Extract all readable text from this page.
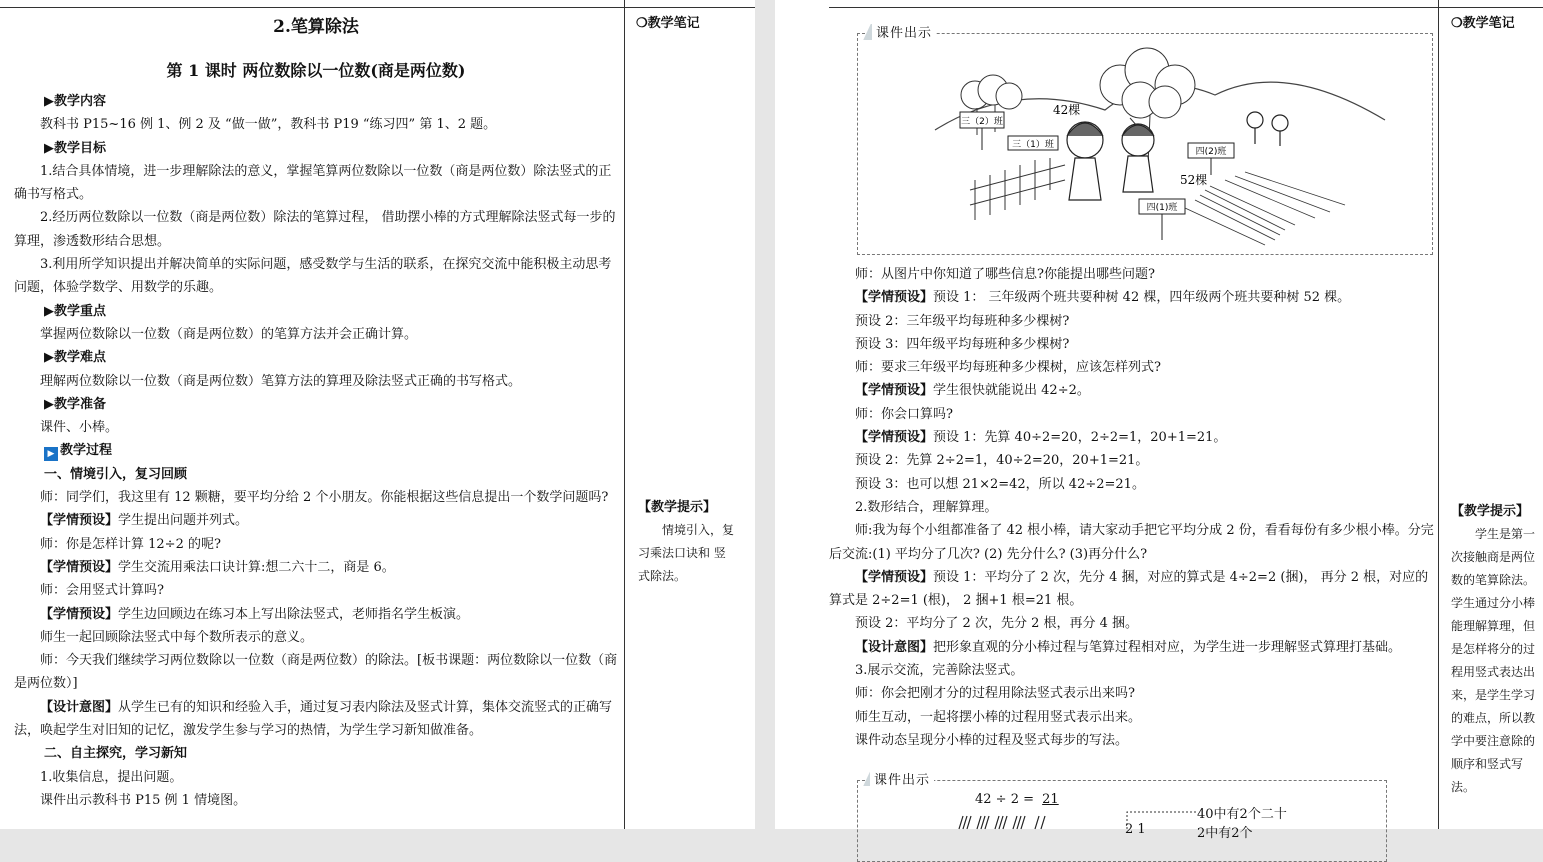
2.笔算除法

第 1 课时 两位数除以一位数(商是两位数)

▶教学内容

教科书 P15~16 例 1、例 2 及 “做一做”，教科书 P19 “练习四” 第 1、2 题。

▶教学目标

1.结合具体情境，进一步理解除法的意义，掌握笔算两位数除以一位数（商是两位数）除法竖式的正确书写格式。

2.经历两位数除以一位数（商是两位数）除法的笔算过程， 借助摆小棒的方式理解除法竖式每一步的算理，渗透数形结合思想。

3.利用所学知识提出并解决简单的实际问题，感受数学与生活的联系，在探究交流中能积极主动思考问题，体验学数学、用数学的乐趣。

▶教学重点

掌握两位数除以一位数（商是两位数）的笔算方法并会正确计算。

▶教学难点

理解两位数除以一位数（商是两位数）笔算方法的算理及除法竖式正确的书写格式。

▶教学准备

课件、小棒。

▶ 教学过程

一、情境引入，复习回顾

师：同学们，我这里有 12 颗糖，要平均分给 2 个小朋友。你能根据这些信息提出一个数学问题吗?

【学情预设】学生提出问题并列式。

师：你是怎样计算 12÷2 的呢?

【学情预设】学生交流用乘法口诀计算:想二六十二，商是 6。

师：会用竖式计算吗?

【学情预设】学生边回顾边在练习本上写出除法竖式，老师指名学生板演。

师生一起回顾除法竖式中每个数所表示的意义。

师：今天我们继续学习两位数除以一位数（商是两位数）的除法。[板书课题：两位数除以一位数（商是两位数）]

【设计意图】从学生已有的知识和经验入手，通过复习表内除法及竖式计算，集体交流竖式的正确写法，唤起学生对旧知的记忆，激发学生参与学习的热情，为学生学习新知做准备。

二、自主探究，学习新知

1.收集信息，提出问题。

课件出示教科书 P15 例 1 情境图。

❍教学笔记

【教学提示】

情境引入，复习乘法口诀和 竖式除法。

课件出示
三（2）班
三（1）班
四(2)班
四(1)班
42棵
52棵

师：从图片中你知道了哪些信息?你能提出哪些问题?

【学情预设】预设 1： 三年级两个班共要种树 42 棵，四年级两个班共要种树 52 棵。

预设 2：三年级平均每班种多少棵树?

预设 3：四年级平均每班种多少棵树?

师：要求三年级平均每班种多少棵树，应该怎样列式?

【学情预设】学生很快就能说出 42÷2。

师：你会口算吗?

【学情预设】预设 1：先算 40÷2=20，2÷2=1，20+1=21。

预设 2：先算 2÷2=1，40÷2=20，20+1=21。

预设 3：也可以想 21×2=42，所以 42÷2=21。

2.数形结合，理解算理。

师:我为每个小组都准备了 42 根小棒，请大家动手把它平均分成 2 份，看看每份有多少根小棒。分完后交流:(1) 平均分了几次? (2) 先分什么? (3)再分什么?

【学情预设】预设 1：平均分了 2 次，先分 4 捆，对应的算式是 4÷2=2 (捆)， 再分 2 根，对应的算式是 2÷2=1 (根)， 2 捆+1 根=21 根。

预设 2：平均分了 2 次，先分 2 根，再分 4 捆。

【设计意图】把形象直观的分小棒过程与笔算过程相对应，为学生进一步理解竖式算理打基础。

3.展示交流，完善除法竖式。

师：你会把刚才分的过程用除法竖式表示出来吗?

师生互动，一起将摆小棒的过程用竖式表示出来。

课件动态呈现分小棒的过程及竖式每步的写法。

课件出示
42 ÷ 2 = 21
40中有2个二十
2中有2个
2 1

❍教学笔记

【教学提示】

学生是第一次接触商是两位数的笔算除法。学生通过分小棒能理解算理，但是怎样将分的过程用竖式表达出来，是学生学习的难点，所以教学中要注意除的顺序和竖式写法。
